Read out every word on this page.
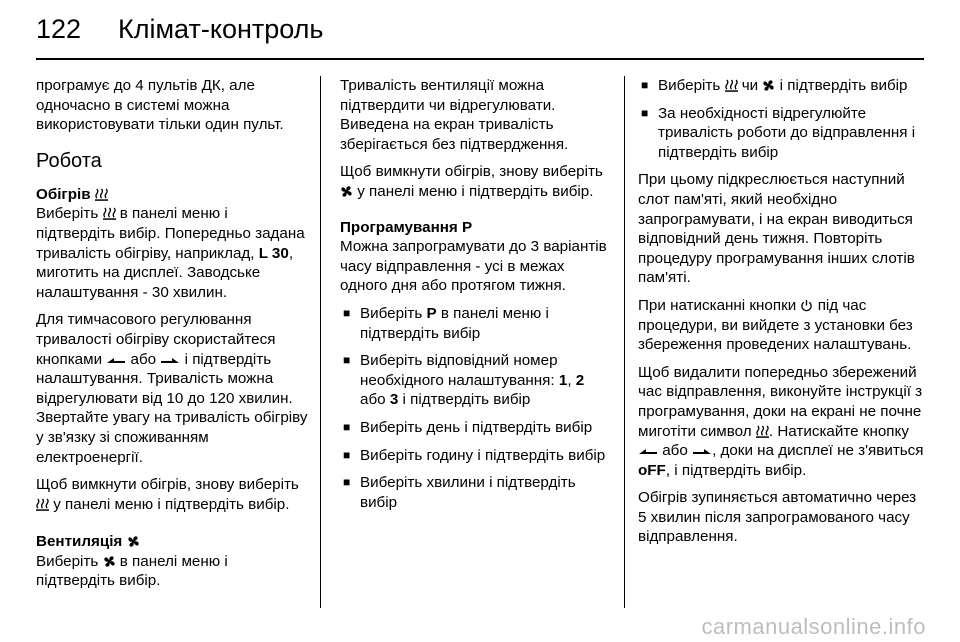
122 Клімат-контроль

програмує до 4 пультів ДК, але одночасно в системі можна використовувати тільки один пульт.

Робота
Обігрів

Виберіть в панелі меню і підтвердіть вибір. Попередньо задана тривалість обігріву, наприклад, L 30, миготить на дисплеї. Заводське налаштування - 30 хвилин.

Для тимчасового регулювання тривалості обігріву скористайтеся кнопками або і підтвердіть налаштування. Тривалість можна відрегулювати від 10 до 120 хвилин. Звертайте увагу на тривалість обігріву у зв'язку зі споживанням електроенергії.

Щоб вимкнути обігрів, знову виберіть  у панелі меню і підтвердіть вибір.

Вентиляція

Виберіть в панелі меню і підтвердіть вибір.

Тривалість вентиляції можна підтвердити чи відрегулювати. Виведена на екран тривалість зберігається без підтвердження.

Щоб вимкнути обігрів, знову виберіть  у панелі меню і підтвердіть вибір.

Програмування P

Можна запрограмувати до 3 варіантів часу відправлення - усі в межах одного дня або протягом тижня.

■ Виберіть P в панелі меню і підтвердіть вибір
■ Виберіть відповідний номер необхідного налаштування: 1, 2 або 3 і підтвердіть вибір
■ Виберіть день і підтвердіть вибір
■ Виберіть годину і підтвердіть вибір
■ Виберіть хвилини і підтвердіть вибір
■ Виберіть чи і підтвердіть вибір
■ За необхідності відрегулюйте тривалість роботи до відправлення і підтвердіть вибір

При цьому підкреслюється наступний слот пам'яті, який необхідно запрограмувати, і на екран виводиться відповідний день тижня. Повторіть процедуру програмування інших слотів пам'яті.

При натисканні кнопки під час процедури, ви вийдете з установки без збереження проведених налаштувань.

Щоб видалити попередньо збережений час відправлення, виконуйте інструкції з програмування, доки на екрані не почне миготіти символ . Натискайте кнопку  або , доки на дисплеї не з'явиться oFF, і підтвердіть вибір.

Обігрів зупиняється автоматично через 5 хвилин після запрограмованого часу відправлення.

carmanualsonline.info
